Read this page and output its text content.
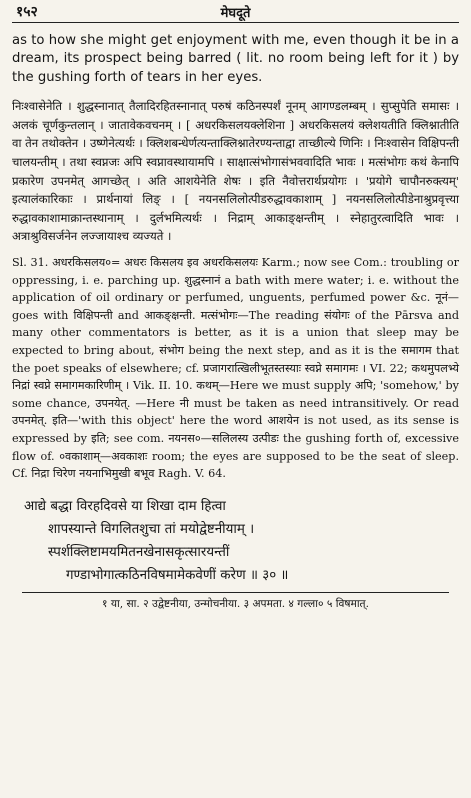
१५२	मेघदूते

as to how she might get enjoyment with me, even though it be in a dream, its prospect being barred ( lit. no room being left for it ) by the gushing forth of tears in her eyes.

निःश्वासेनेति । शुद्धस्नानात् तैलादिरहितस्नानात् परुषं कठिनस्पर्शं नूनम् आगण्डलम्बम् । सुप्सुपेति समासः । अलकं चूर्णकुन्तलान् । जातावेकवचनम् । [ अधरकिसलयक्लेशिना ] अधरकिसलयं क्लेशयतीति क्लिश्नातीति वा तेन तथोक्तेन । उष्णेनेत्यर्थः । क्लिशबन्धेर्णत्यन्ताक्लिश्नातेरण्यन्ताद्वा ताच्छील्ये णिनिः । निःश्वासेन विक्षिपन्ती चालयन्तीम् । तथा स्वप्नजः अपि स्वप्नावस्थायामपि । साक्षात्संभोगासंभववादिति भावः । मत्संभोगः कथं केनापि प्रकारेण उपनमेत् आगच्छेत् । अति आशयेनेति शेषः । इति नैवोत्तरार्थप्रयोगः । 'प्रयोगे चापौनरुक्त्यम्' इत्यालंकारिकाः । प्रार्थनायां लिङ् । [ नयनसलिलोत्पीडरुद्धावकाशाम् ] नयनसलिलोत्पीडेनाश्रुप्रवृत्त्या रुद्धावकाशामाक्रान्तस्थानाम् । दुर्लभमित्यर्थः । निद्राम् आकाङ्क्षन्तीम् । स्नेहातुरत्वादिति भावः । अत्राश्रुविसर्जनेन लज्जायाश्च व्यज्यते ।

Sl. 31. अधरकिसलय०= अधरः किसलय इव अधरकिसलयः Karm.; now see Com.: troubling or oppressing, i. e. parching up. शुद्धस्नानं a bath with mere water; i. e. without the application of oil ordinary or perfumed, unguents, perfumed power &c. नूनं—goes with विक्षिपन्ती and आकङ्क्षन्ती. मत्संभोगः—The reading संयोगः of the Pārsva and many other commentators is better, as it is a union that sleep may be expected to bring about, संभोग being the next step, and as it is the समागम that the poet speaks of elsewhere; cf. प्रजागरात्खिलीभूतस्तस्याः स्वप्ने समागमः । VI. 22; कथमुपलभ्ये निद्रां स्वप्ने समागमकारिणीम् । Vik. II. 10. कथम्—Here we must supply अपि; 'somehow,' by some chance, उपनयेत्. —Here नी must be taken as need intransitively. Or read उपनमेत्. इति—'with this object' here the word आशयेन is not used, as its sense is expressed by इति; see com. नयनस०—सलिलस्य उत्पीडः the gushing forth of, excessive flow of. ०वकाशाम्—अवकाशः room; the eyes are supposed to be the seat of sleep. Cf. निद्रा चिरेण नयनाभिमुखी बभूव Ragh. V. 64.

आद्ये बद्धा विरहदिवसे या शिखा दाम हित्वा
शापस्यान्ते विगलितशुचा तां मयोद्वेष्टनीयाम् ।
स्पर्शक्लिष्टामयमितनखेनासकृत्सारयन्तीं
गण्डाभोगात्कठिनविषमामेकवेणीं करेण ॥ ३० ॥
१ या, सा. २ उद्वेष्टनीया, उन्मोचनीया. ३ अपमता. ४ गल्ला० ५ विषमात्.
